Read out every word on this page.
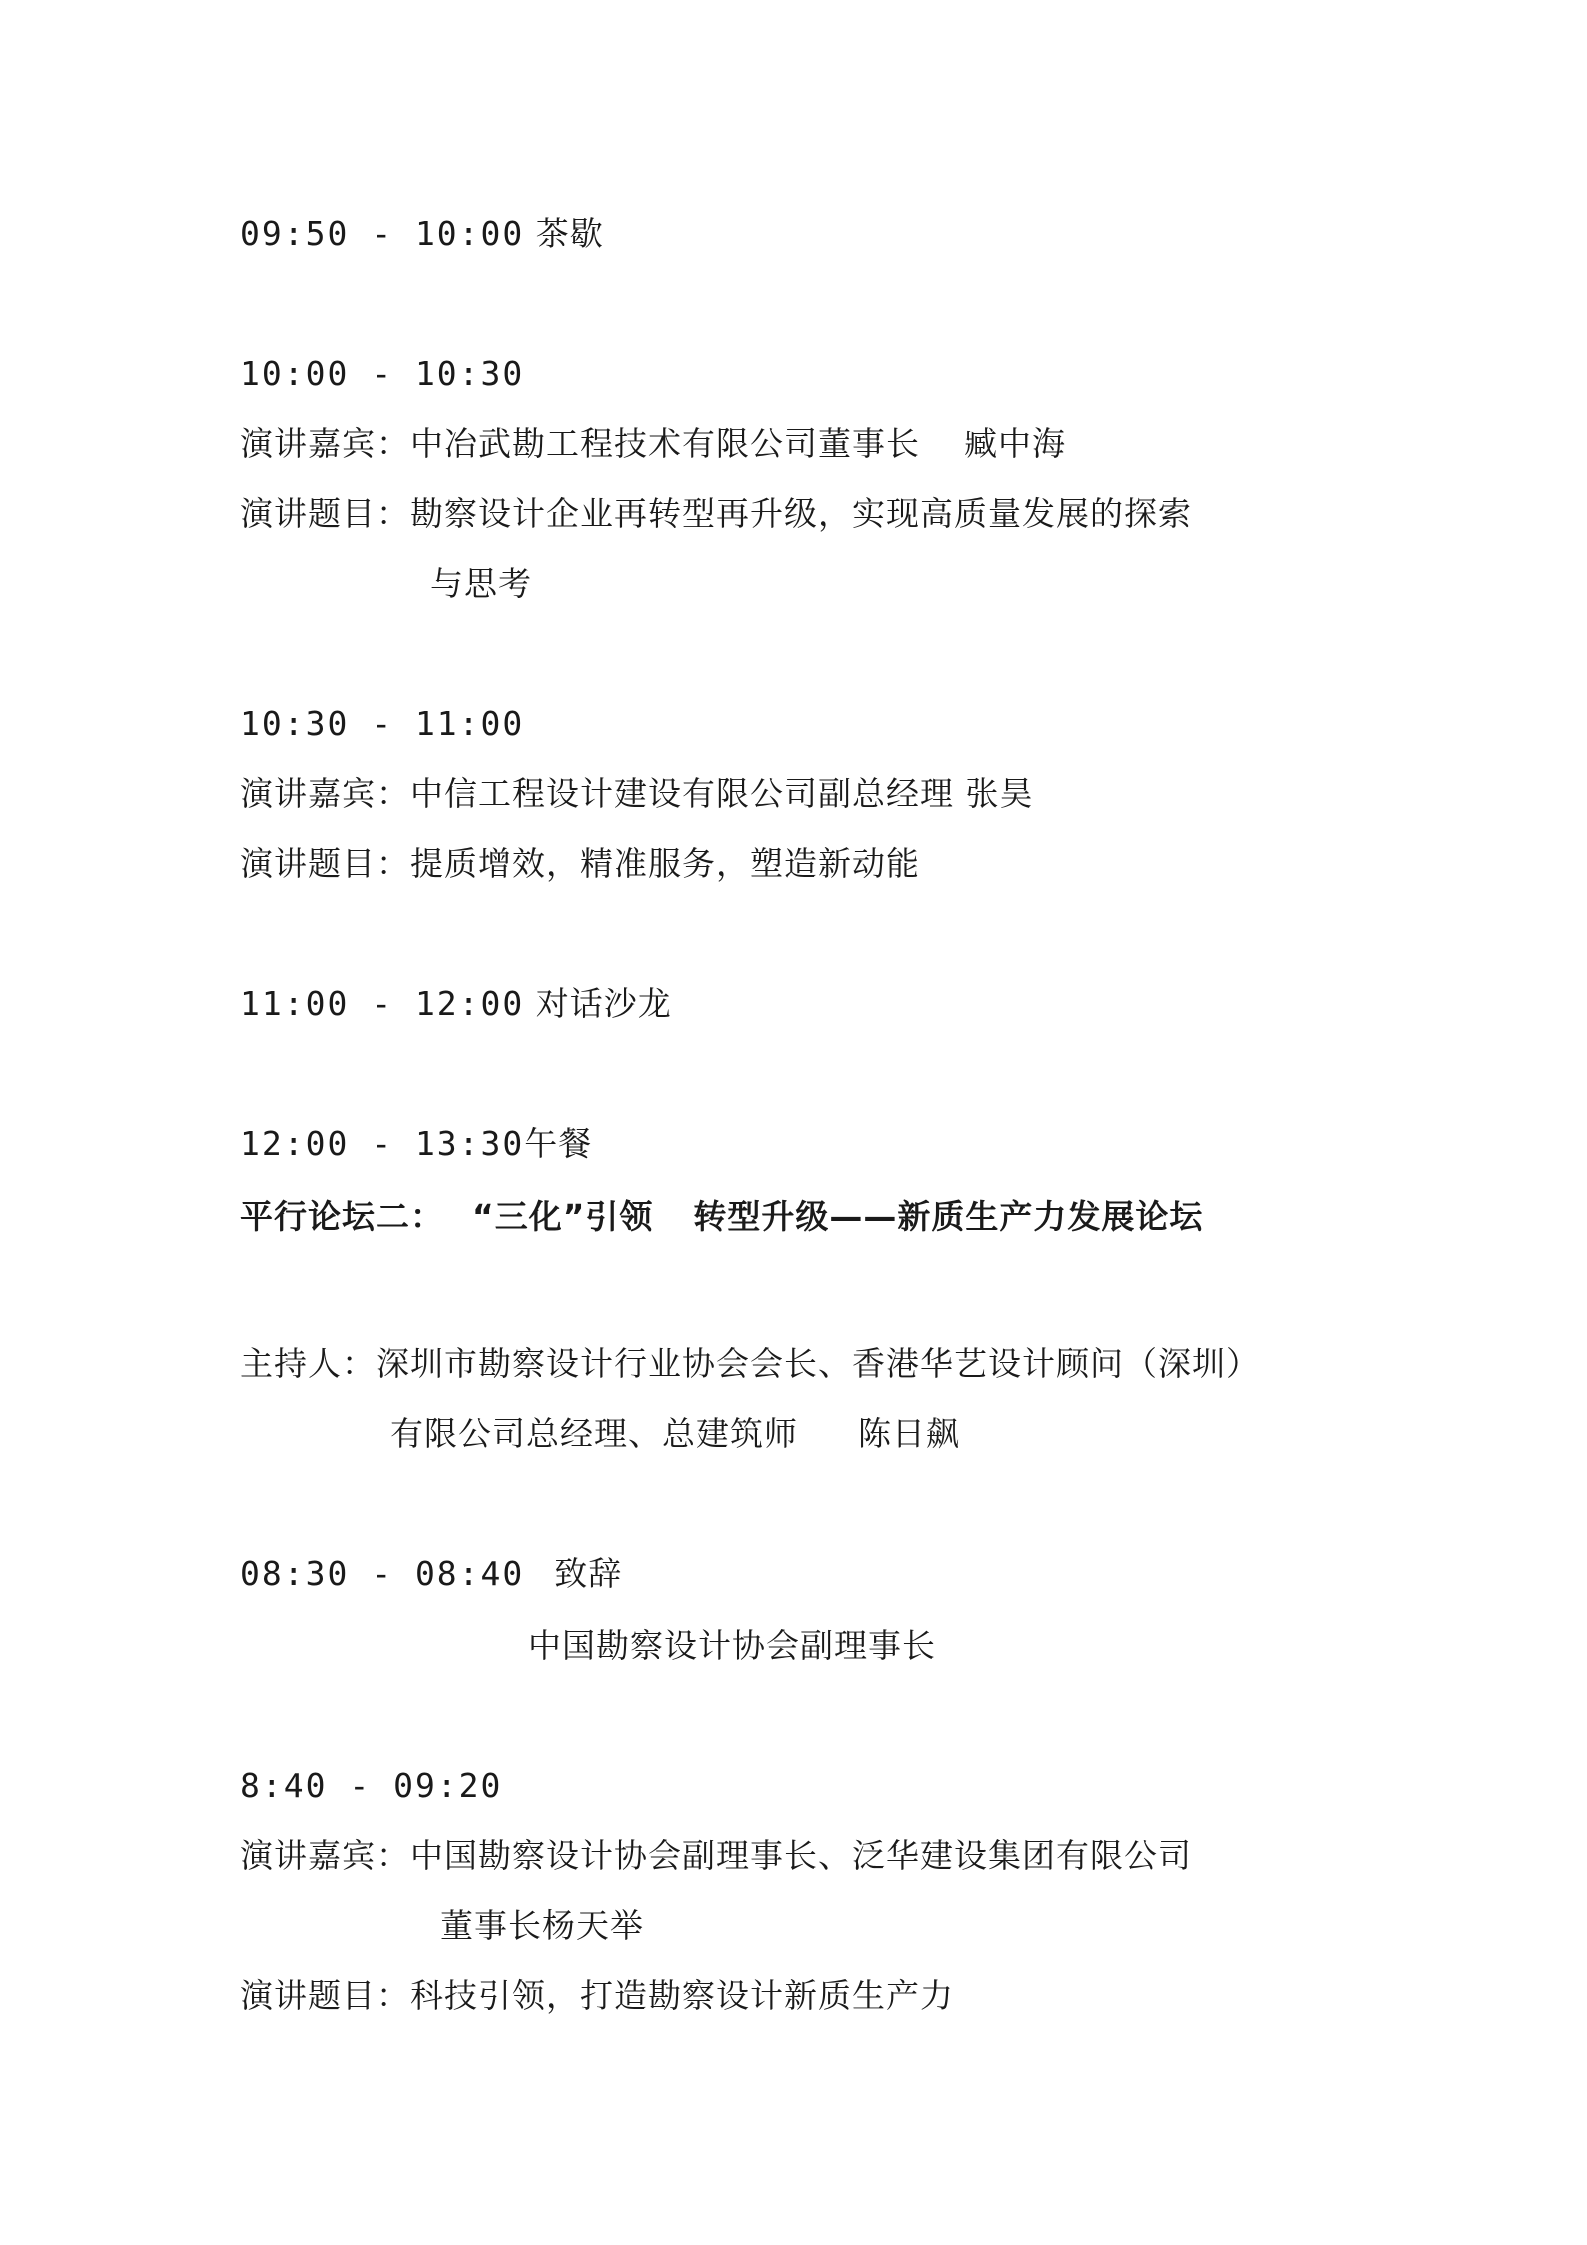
09:50 - 10:00 茶歇
10:00 - 10:30
演讲嘉宾：中冶武勘工程技术有限公司董事长 臧中海
演讲题目：勘察设计企业再转型再升级，实现高质量发展的探索
与思考
10:30 - 11:00
演讲嘉宾：中信工程设计建设有限公司副总经理 张昊
演讲题目：提质增效，精准服务，塑造新动能
11:00 - 12:00 对话沙龙
12:00 - 13:30午餐
平行论坛二： “三化”引领 转型升级——新质生产力发展论坛
主持人：深圳市勘察设计行业协会会长、香港华艺设计顾问（深圳）
有限公司总经理、总建筑师 陈日飙
08:30 - 08:40 致辞
中国勘察设计协会副理事长
8:40 - 09:20
演讲嘉宾：中国勘察设计协会副理事长、泛华建设集团有限公司
董事长杨天举
演讲题目：科技引领，打造勘察设计新质生产力
